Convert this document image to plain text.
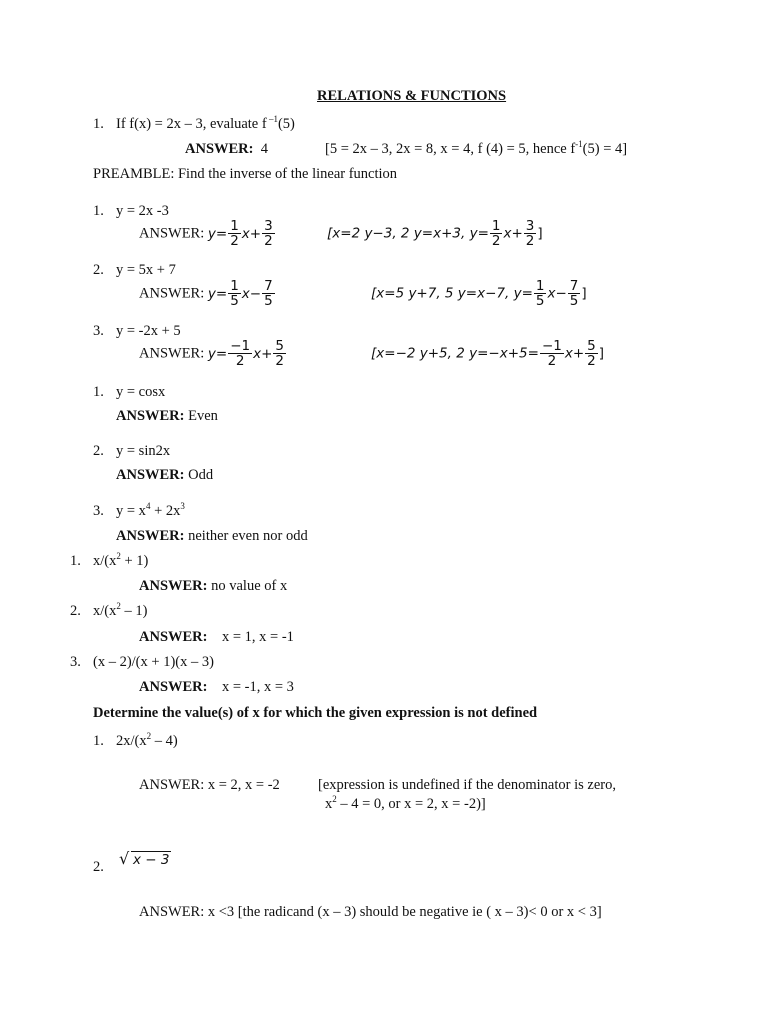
RELATIONS & FUNCTIONS
1. If f(x) = 2x – 3, evaluate f $^{-1}$(5)
ANSWER: 4	[5 = 2x – 3, 2x = 8, x = 4, f (4) = 5, hence $f^{-1}(5) = 4$]
PREAMBLE: Find the inverse of the linear function
1. y = 2x -3
ANSWER: $y= \frac{1}{2} x+ \frac{3}{2}$	[x=2 y−3, 2 y=x+3, $y= \frac{1}{2} x+ \frac{3}{2}$ ]
2. y = 5x + 7
ANSWER: $y= \frac{1}{5} x- \frac{7}{5}$	[x=5 y+7, 5 y=x−7, $y= \frac{1}{5} x- \frac{7}{5}$ ]
3. y = -2x + 5
ANSWER: $y= \frac{-1}{2} x+ \frac{5}{2}$	[x=−2 y+5, 2 $y=-x+5= \frac{-1}{2} x+ \frac{5}{2}$ ]
1. y = cosx
ANSWER: Even
2. y = sin2x
ANSWER: Odd
3. $y = x^4 + 2x^3$
ANSWER: neither even nor odd
1. $x/(x^2 + 1)$
ANSWER: no value of x
2. $x/(x^2 - 1)$
ANSWER: x = 1, x = -1
3. (x – 2)/(x + 1)(x – 3)
ANSWER: x = -1, x = 3
Determine the value(s) of x for which the given expression is not defined
1. $2x/(x^2 - 4)$
ANSWER: x = 2, x = -2	[expression is undefined if the denominator is zero,
$x^2 - 4 = 0$, or x = 2, x = -2)]
2. √ x − 3
ANSWER: x <3 [the radicand (x – 3) should be negative ie ( x – 3)< 0 or x < 3]
